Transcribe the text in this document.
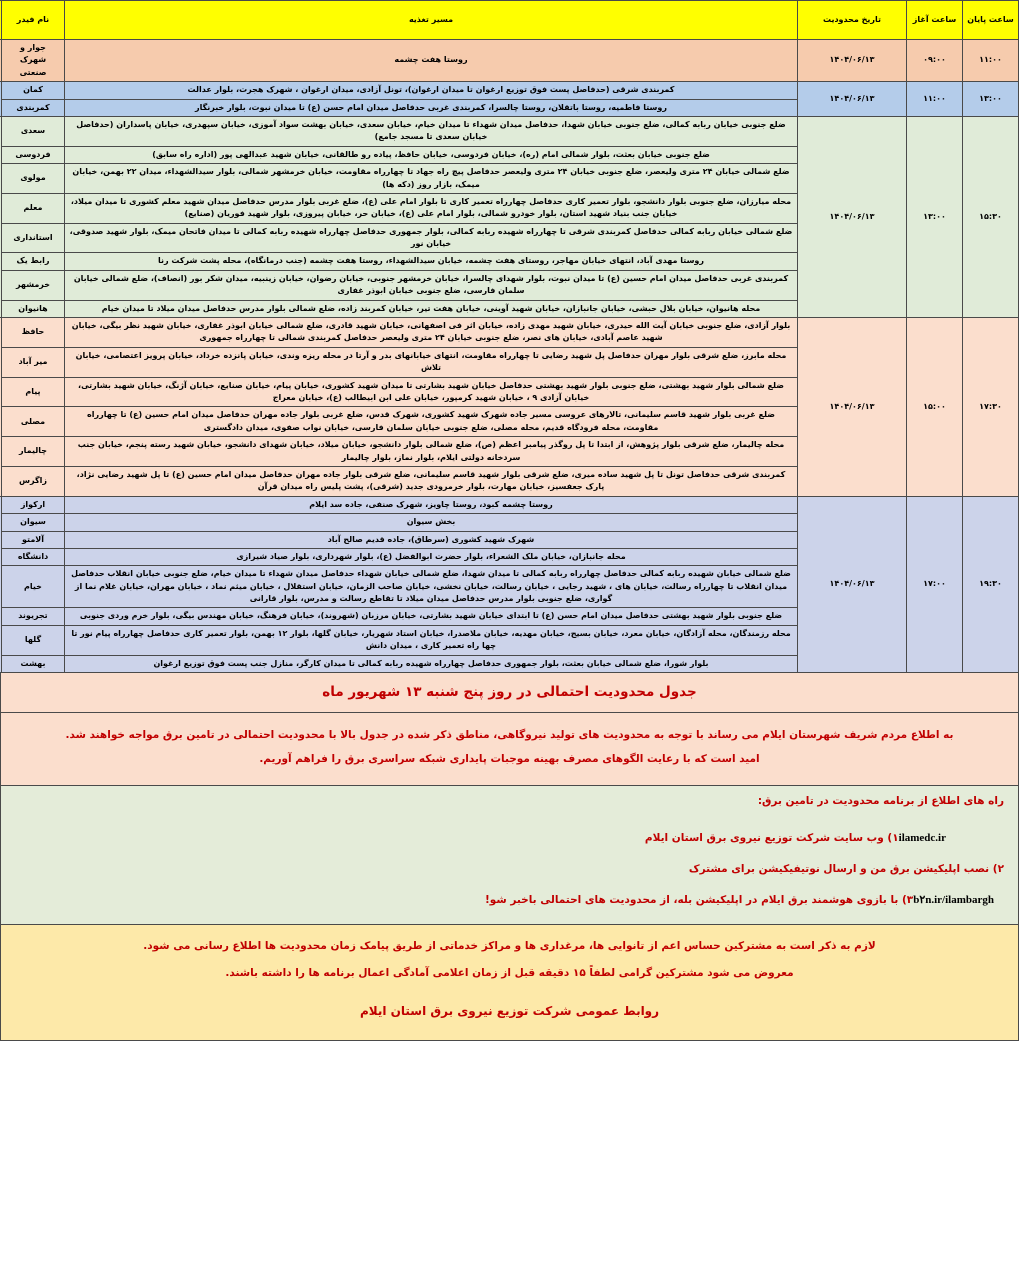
ساعت پایان	ساعت آغاز	تاریخ محدودیت	مسیر تغذیه	نام فیدر	
۱۱:۰۰	۰۹:۰۰	۱۴۰۴/۰۶/۱۳	روستا هفت چشمه	جوار و شهرک صنعتی	
۱۳:۰۰	۱۱:۰۰	۱۴۰۴/۰۶/۱۳	کمربندی شرقی (حدفاصل پست فوق توزیع ارغوان تا میدان ارغوان)، تونل آزادی، میدان ارغوان ، شهرک هجرت، بلوار عدالت	کمان	
			روستا فاطمیه، روستا باتقلان، روستا چالسرا، کمربندی غربی حدفاصل میدان امام حسن (ع) تا میدان نبوت، بلوار خبرنگار	کمربندی	
۱۵:۳۰	۱۳:۰۰	۱۴۰۴/۰۶/۱۳	ضلع جنوبی خیابان ربابه کمالی، ضلع جنوبی خیابان شهدا، حدفاصل میدان شهداء تا میدان خیام، خیابان سعدی، خیابان بهشت سواد آموزی، خیابان سپهدری، خیابان پاسداران (حدفاصل خیابان سعدی تا مسجد جامع)	سعدی	
			ضلع جنوبی خیابان بعثت، بلوار شمالی امام (ره)، خیابان فردوسی، خیابان حافظ، پیاده رو طالقانی، خیابان شهید عبدالهی پور (اداره راه سابق)	فردوسی	
			ضلع شمالی خیابان ۲۴ متری ولیعصر، ضلع جنوبی خیابان ۲۴ متری ولیعصر حدفاصل پیچ راه جهاد تا چهارراه مقاومت، خیابان خرمشهر شمالی، بلوار سیدالشهداء، میدان ۲۲ بهمن، خیابان میمک، بازار روز (دکه ها)	مولوی	
			محله میارزان، ضلع جنوبی بلوار دانشجو، بلوار تعمیر کاری حدفاصل چهارراه تعمیر کاری تا بلوار امام علی (ع)، ضلع غربی بلوار مدرس حدفاصل میدان شهید معلم کشوری تا میدان میلاد، خیابان جنب بنیاد شهید استان، بلوار خودرو شمالی، بلوار امام علی (ع)، خیابان حر، خیابان پیروزی، بلوار شهید فوریان (صنایع)	معلم	
			ضلع شمالی خیابان ربابه کمالی حدفاصل کمربندی شرقی تا چهارراه شهیده ربابه کمالی، بلوار جمهوری حدفاصل چهارراه شهیده ربابه کمالی تا میدان فاتحان میمک، بلوار شهید صدوقی، خیابان نور	استانداری	
			روستا مهدی آباد، انتهای خیابان مهاجر، روستای هفت چشمه، خیابان سیدالشهداء، روستا هفت چشمه (جنب درمانگاه)، محله پشت شرکت رنا	رابط یک	
			کمربندی غربی حدفاصل میدان امام حسین (ع) تا میدان نبوت، بلوار شهدای چالسرا، خیابان خرمشهر جنوبی، خیابان رضوان، خیابان زینبیه، میدان شکر بور (انصاف)، ضلع شمالی خیابان سلمان فارسی، ضلع جنوبی خیابان ابوذر غفاری	خرمشهر	
			محله هانیوان، خیابان بلال حبشی، خیابان جانبازان، خیابان شهید آوینی، خیابان هفت تیر، خیابان کمربند زاده، ضلع شمالی بلوار مدرس حدفاصل میدان میلاد تا میدان خیام	هانیوان	
۱۷:۳۰	۱۵:۰۰	۱۴۰۴/۰۶/۱۳	بلوار آزادی، ضلع جنوبی خیابان آیت الله حیدری، خیابان شهید مهدی زاده، خیابان اثر فی اصفهانی، خیابان شهید قادری، ضلع شمالی خیابان ابوذر غفاری، خیابان شهید نظر بیگی، خیابان شهید عاصم آبادی، خیابان های نصر، ضلع جنوبی خیابان ۲۴ متری ولیعصر حدفاصل کمربندی شمالی تا چهارراه جمهوری	حافظ	
			محله مابرز، ضلع شرقی بلوار مهران حدفاصل پل شهید رضایی تا چهارراه مقاومت، انتهای خیابانهای بدر و آرتا در محله ریزه وندی، خیابان پانزده خرداد، خیابان پرویز اعتصامی، خیابان تلاش	میر آباد	
			ضلع شمالی بلوار شهید بهشتی، ضلع جنوبی بلوار شهید بهشتی حدفاصل خیابان شهید بشارتی تا میدان شهید کشوری، خیابان پیام، خیابان صنایع، خیابان آژنگ، خیابان شهید بشارتی، خیابان آزادی ۹ ، خیابان شهید کرمپور، خیابان علی ابن ابیطالب (ع)، خیابان معراج	پیام	
			ضلع غربی بلوار شهید قاسم سلیمانی، تالارهای عروسی مسیر جاده شهرک شهید کشوری، شهرک قدس، ضلع غربی بلوار جاده مهران حدفاصل میدان امام حسین (ع) تا چهارراه مقاومت، محله فرودگاه قدیم، محله مصلی، ضلع جنوبی خیابان سلمان فارسی، خیابان نواب صفوی، میدان دادگستری	مصلی	
			محله چالیمار، ضلع شرقی بلوار پژوهش، از ابتدا تا پل روگذر پیامبر اعظم (ص)، ضلع شمالی بلوار دانشجو، خیابان میلاد، خیابان شهدای دانشجو، خیابان شهید رسته پنجم، خیابان جنب سردخانه دولتی ایلام، بلوار نماز، بلوار چالیمار	چالیمار	
			کمربندی شرقی حدفاصل تونل تا پل شهید ساده میری، ضلع شرقی بلوار شهید قاسم سلیمانی، ضلع شرقی بلوار جاده مهران حدفاصل میدان امام حسین (ع) تا پل شهید رضایی نژاد، پارک جعفسیز، خیابان مهارت، بلوار خرمرودی جدید (شرقی)، پشت پلیس راه میدان قرآن	زاگرس	
۱۹:۳۰	۱۷:۰۰	۱۴۰۴/۰۶/۱۳	روستا چشمه کبود، روستا چاویز، شهرک صنفی، جاده سد ایلام	ارکواز	
			بخش سیوان	سیوان	
			شهرک شهید کشوری (سرطاق)، جاده قدیم صالح آباد	آلامتو	
			محله جانبازان، خیابان ملک الشعراء، بلوار حضرت ابوالفضل (ع)، بلوار شهرداری، بلوار صیاد شیرازی	دانشگاه	
			ضلع شمالی خیابان شهیده ربابه کمالی حدفاصل چهارراه ربابه کمالی تا میدان شهدا، ضلع شمالی خیابان شهداء حدفاصل میدان شهداء تا میدان خیام، ضلع جنوبی خیابان انقلاب حدفاصل میدان انقلاب تا چهارراه رسالت، خیابان های ، شهید رجایی ، خیابان رسالت، خیابان نخشی، خیابان صاحب الزمان، خیابان استقلال ، خیابان میثم نماد ، خیابان مهران، خیابان غلام نما از گواری، ضلع جنوبی بلوار مدرس حدفاصل میدان میلاد تا تقاطع رسالت و مدرس، بلوار قارانی	خیام	
			ضلع جنوبی بلوار شهید بهشتی حدفاصل میدان امام حسن (ع) تا ابتدای خیابان شهید بشارتی، خیابان مرزبان (شهروند)، خیابان فرهنگ، خیابان مهندس بیگی، بلوار خرم وردی جنوبی	تجریوند	
			محله رزمندگان، محله آزادگان، خیابان معرد، خیابان بسیج، خیابان مهدیه، خیابان ملاصدرا، خیابان استاد شهریار، خیابان گلها، بلوار ۱۲ بهمن، بلوار تعمیر کاری حدفاصل چهارراه پیام نور تا چها راه تعمیر کاری ، میدان دانش	گلها	
			بلوار شورا، ضلع شمالی خیابان بعثت، بلوار جمهوری حدفاصل چهارراه شهیده ربابه کمالی تا میدان کارگر، منازل جنب پست فوق توزیع ارغوان	بهشت	
جدول محدودیت احتمالی در روز پنج شنبه ۱۳ شهریور ماه
به اطلاع مردم شریف شهرستان ایلام می رساند با توجه به محدودیت های تولید نیروگاهی، مناطق ذکر شده در جدول بالا با محدودیت احتمالی در تامین برق مواجه خواهند شد.
امید است که با رعایت الگوهای مصرف بهینه موجبات پایداری شبکه سراسری برق را فراهم آوریم.
راه های اطلاع از برنامه محدودیت در تامین برق:
ilamedc.ir۱) وب سایت شرکت توزیع نیروی برق استان ایلام
۲) نصب اپلیکیشن برق من و ارسال نوتیفیکیشن برای مشترک
b۲n.ir/ilambargh۳) با بازوی هوشمند برق ایلام در اپلیکیشن بله، از محدودیت های احتمالی باخبر شو!
لازم به ذکر است به مشترکین حساس اعم از تانوایی ها، مرغداری ها و مراکز خدماتی از طریق پیامک زمان محدودیت ها اطلاع رسانی می شود.
معروض می شود مشترکین گرامی لطفاً ۱۵ دقیقه قبل از زمان اعلامی آمادگی اعمال برنامه ها را داشته باشند.
روابط عمومی شرکت توزیع نیروی برق استان ایلام
